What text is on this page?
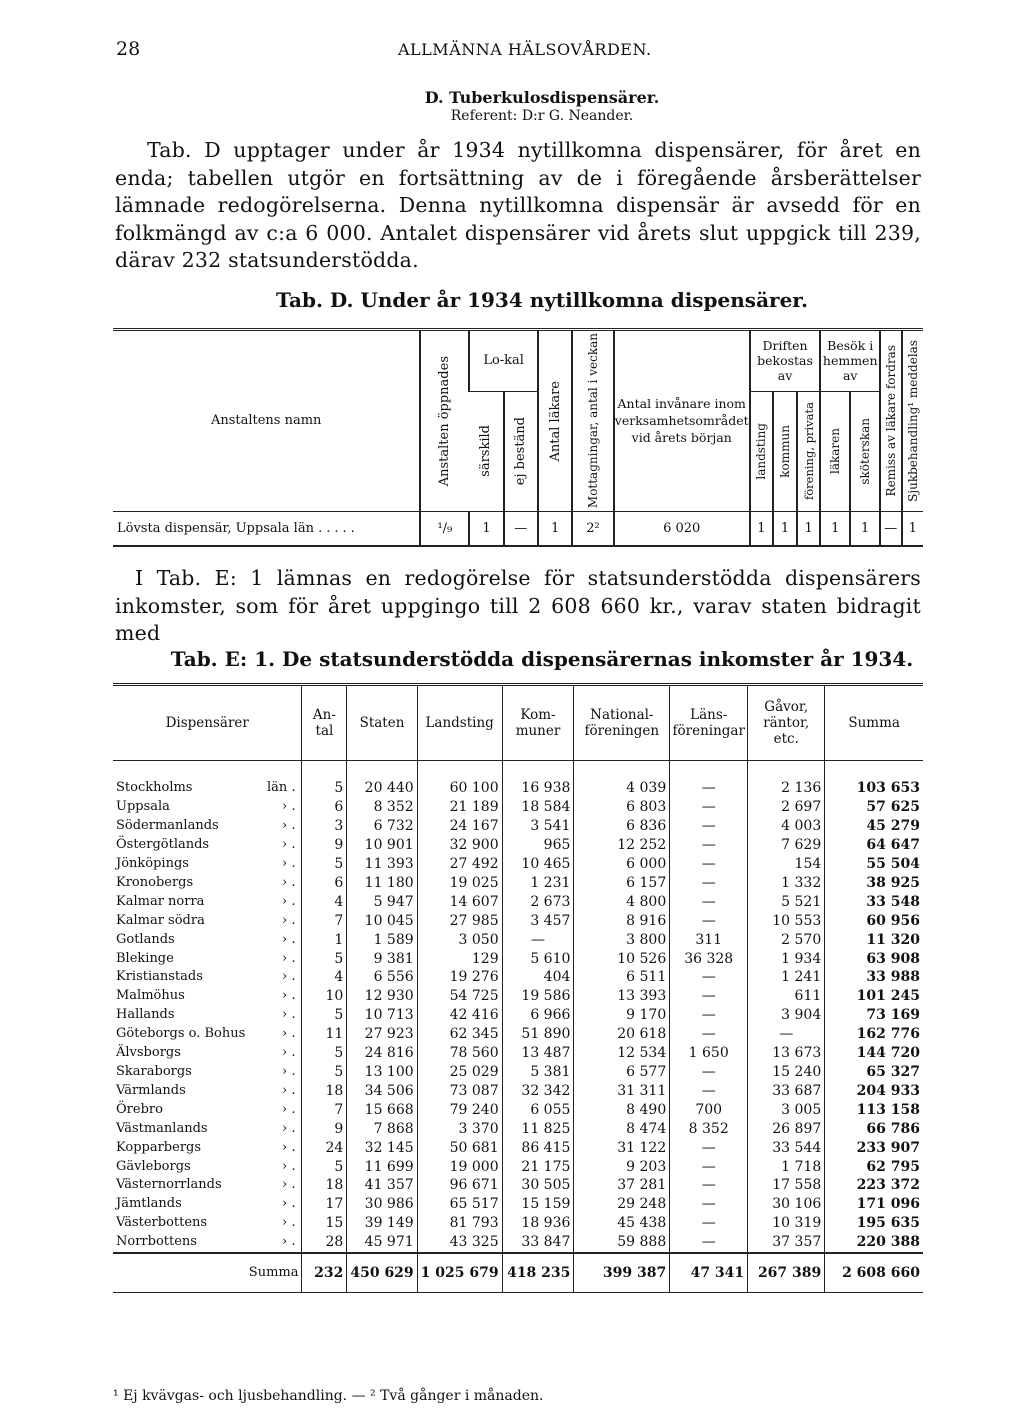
28	ALLMÄNNA HÄLSOVÅRDEN.
D. Tuberkulosdispensärer.
Referent: D:r G. Neander.

Tab. D upptager under år 1934 nytillkomna dispensärer, för året en enda; tabellen utgör en fortsättning av de i föregående årsberättelser lämnade redogörelserna. Denna nytillkomna dispensär är avsedd för en folkmängd av c:a 6 000. Antalet dispensärer vid årets slut uppgick till 239, därav 232 statsunderstödda.

Tab. D. Under år 1934 nytillkomna dispensärer.
Anstaltens namn	Anstalten öppnades	Lo-kal		Antal läkare	Mottagningar, antal i veckan	Antal invånare inom verksamhetsområdet vid årets början	Driften bekostas av			Besök i hemmen av		Remiss av läkare fordras	Sjukbehandling¹ meddelas

		särskild	ej beständ				landsting	kommun	förening, privata	läkaren	sköterskan		

Lövsta dispensär, Uppsala län .....	¹/₉	1	—	1	2²	6 020	1	1	1	1	1	—	1

I Tab. E: 1 lämnas en redogörelse för statsunderstödda dispensärers inkomster, som för året uppgingo till 2 608 660 kr., varav staten bidragit med

Tab. E: 1. De statsunderstödda dispensärernas inkomster år 1934.
Dispensärer	An-tal	Staten	Landsting	Kom-muner	National-föreningen	Läns-föreningar	Gåvor, räntor, etc.	Summa

Stockholms län .	5	20 440	60 100	16 938	4 039	—	2 136	103 653
Uppsala › .	6	8 352	21 189	18 584	6 803	—	2 697	57 625
Södermanlands › .	3	6 732	24 167	3 541	6 836	—	4 003	45 279
Östergötlands › .	9	10 901	32 900	965	12 252	—	7 629	64 647
Jönköpings › .	5	11 393	27 492	10 465	6 000	—	154	55 504
Kronobergs › .	6	11 180	19 025	1 231	6 157	—	1 332	38 925
Kalmar norra › .	4	5 947	14 607	2 673	4 800	—	5 521	33 548
Kalmar södra › .	7	10 045	27 985	3 457	8 916	—	10 553	60 956
Gotlands › .	1	1 589	3 050	—	3 800	311	2 570	11 320
Blekinge › .	5	9 381	129	5 610	10 526	36 328	1 934	63 908
Kristianstads › .	4	6 556	19 276	404	6 511	—	1 241	33 988
Malmöhus › .	10	12 930	54 725	19 586	13 393	—	611	101 245
Hallands › .	5	10 713	42 416	6 966	9 170	—	3 904	73 169
Göteborgs o. Bohus › .	11	27 923	62 345	51 890	20 618	—	—	162 776
Älvsborgs › .	5	24 816	78 560	13 487	12 534	1 650	13 673	144 720
Skaraborgs › .	5	13 100	25 029	5 381	6 577	—	15 240	65 327
Värmlands › .	18	34 506	73 087	32 342	31 311	—	33 687	204 933
Örebro › .	7	15 668	79 240	6 055	8 490	700	3 005	113 158
Västmanlands › .	9	7 868	3 370	11 825	8 474	8 352	26 897	66 786
Kopparbergs › .	24	32 145	50 681	86 415	31 122	—	33 544	233 907
Gävleborgs › .	5	11 699	19 000	21 175	9 203	—	1 718	62 795
Västernorrlands › .	18	41 357	96 671	30 505	37 281	—	17 558	223 372
Jämtlands › .	17	30 986	65 517	15 159	29 248	—	30 106	171 096
Västerbottens › .	15	39 149	81 793	18 936	45 438	—	10 319	195 635
Norrbottens › .	28	45 971	43 325	33 847	59 888	—	37 357	220 388
Summa	232	450 629	1 025 679	418 235	399 387	47 341	267 389	2 608 660
¹ Ej kvävgas- och ljusbehandling. — ² Två gånger i månaden.
